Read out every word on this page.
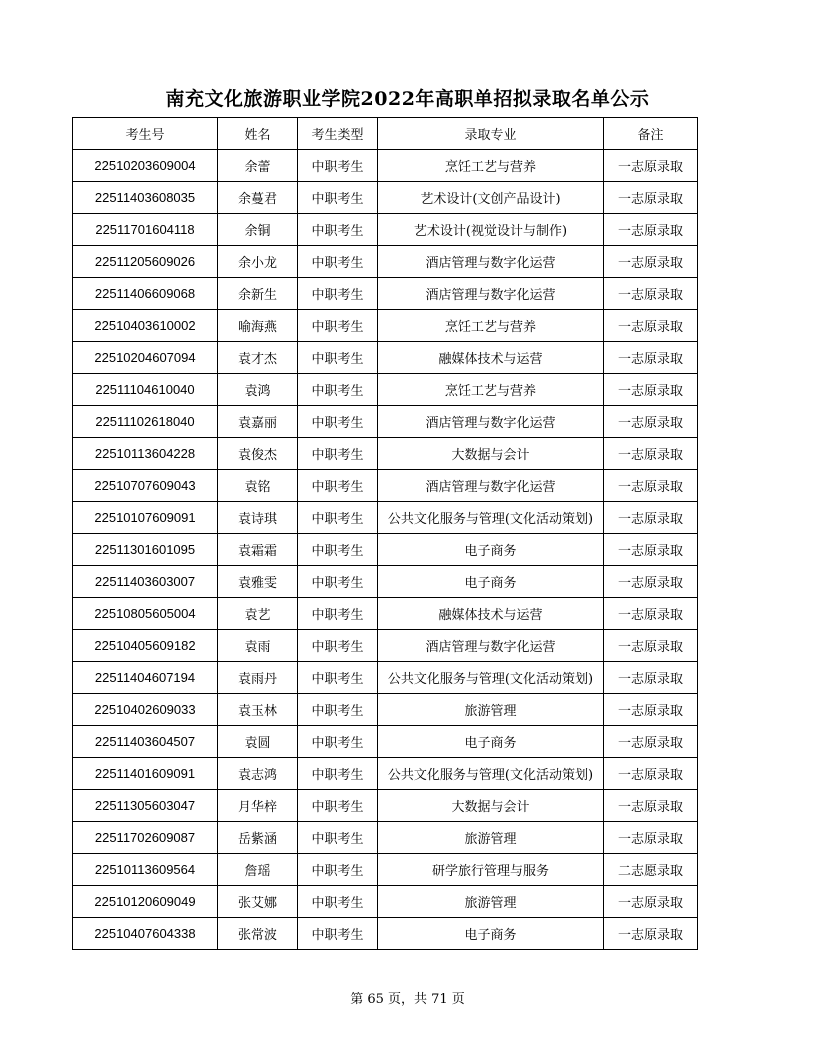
南充文化旅游职业学院2022年高职单招拟录取名单公示
考生号	姓名	考生类型	录取专业	备注
22510203609004	余蕾	中职考生	烹饪工艺与营养	一志原录取
22511403608035	余蔓君	中职考生	艺术设计(文创产品设计)	一志原录取
22511701604118	余铜	中职考生	艺术设计(视觉设计与制作)	一志原录取
22511205609026	余小龙	中职考生	酒店管理与数字化运营	一志原录取
22511406609068	余新生	中职考生	酒店管理与数字化运营	一志原录取
22510403610002	喻海燕	中职考生	烹饪工艺与营养	一志原录取
22510204607094	袁才杰	中职考生	融媒体技术与运营	一志原录取
22511104610040	袁鸿	中职考生	烹饪工艺与营养	一志原录取
22511102618040	袁嘉丽	中职考生	酒店管理与数字化运营	一志原录取
22510113604228	袁俊杰	中职考生	大数据与会计	一志原录取
22510707609043	袁铭	中职考生	酒店管理与数字化运营	一志原录取
22510107609091	袁诗琪	中职考生	公共文化服务与管理(文化活动策划)	一志原录取
22511301601095	袁霜霜	中职考生	电子商务	一志原录取
22511403603007	袁雅雯	中职考生	电子商务	一志原录取
22510805605004	袁艺	中职考生	融媒体技术与运营	一志原录取
22510405609182	袁雨	中职考生	酒店管理与数字化运营	一志原录取
22511404607194	袁雨丹	中职考生	公共文化服务与管理(文化活动策划)	一志原录取
22510402609033	袁玉林	中职考生	旅游管理	一志原录取
22511403604507	袁圆	中职考生	电子商务	一志原录取
22511401609091	袁志鸿	中职考生	公共文化服务与管理(文化活动策划)	一志原录取
22511305603047	月华梓	中职考生	大数据与会计	一志原录取
22511702609087	岳紫涵	中职考生	旅游管理	一志原录取
22510113609564	詹瑶	中职考生	研学旅行管理与服务	二志愿录取
22510120609049	张艾娜	中职考生	旅游管理	一志原录取
22510407604338	张常波	中职考生	电子商务	一志原录取
第 65 页，共 71 页
